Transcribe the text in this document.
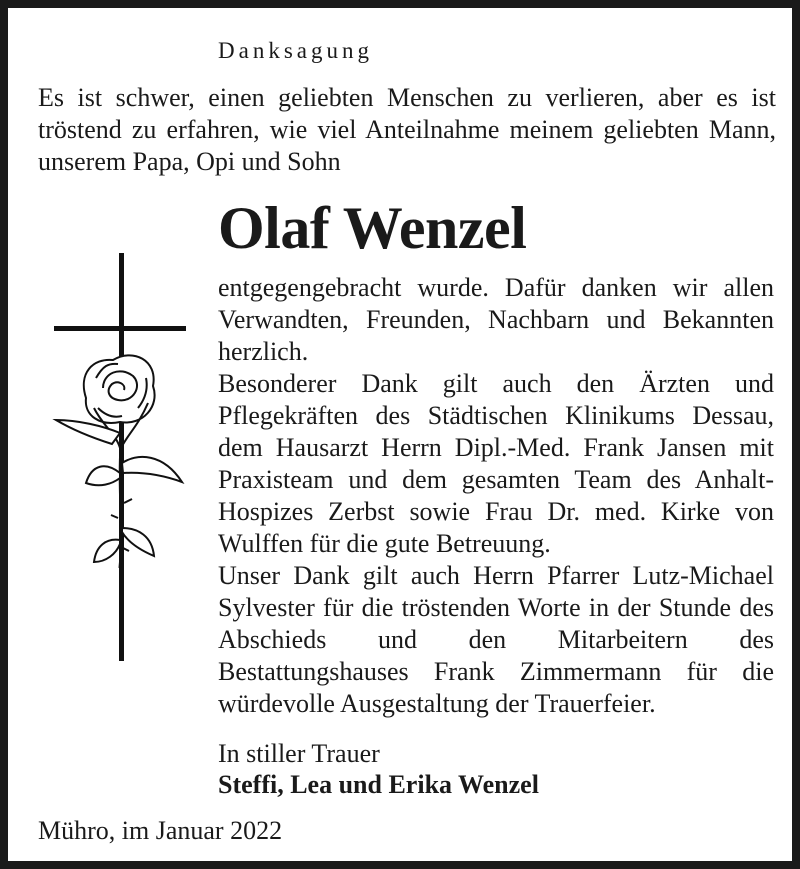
Danksagung
Es ist schwer, einen geliebten Menschen zu verlieren, aber es ist tröstend zu erfahren, wie viel Anteilnahme meinem geliebten Mann, unserem Papa, Opi und Sohn
Olaf Wenzel

entgegengebracht wurde. Dafür danken wir allen Verwandten, Freunden, Nachbarn und Bekannten herzlich.

Besonderer Dank gilt auch den Ärzten und Pflegekräften des Städtischen Klinikums Dessau, dem Hausarzt Herrn Dipl.-Med. Frank Jansen mit Praxisteam und dem gesamten Team des Anhalt-Hospizes Zerbst sowie Frau Dr. med. Kirke von Wulffen für die gute Betreuung.

Unser Dank gilt auch Herrn Pfarrer Lutz-Michael Sylvester für die tröstenden Worte in der Stunde des Abschieds und den Mitarbeitern des Bestattungshauses Frank Zimmermann für die würdevolle Ausgestaltung der Trauerfeier.

In stiller Trauer
Steffi, Lea und Erika Wenzel
Mühro, im Januar 2022
